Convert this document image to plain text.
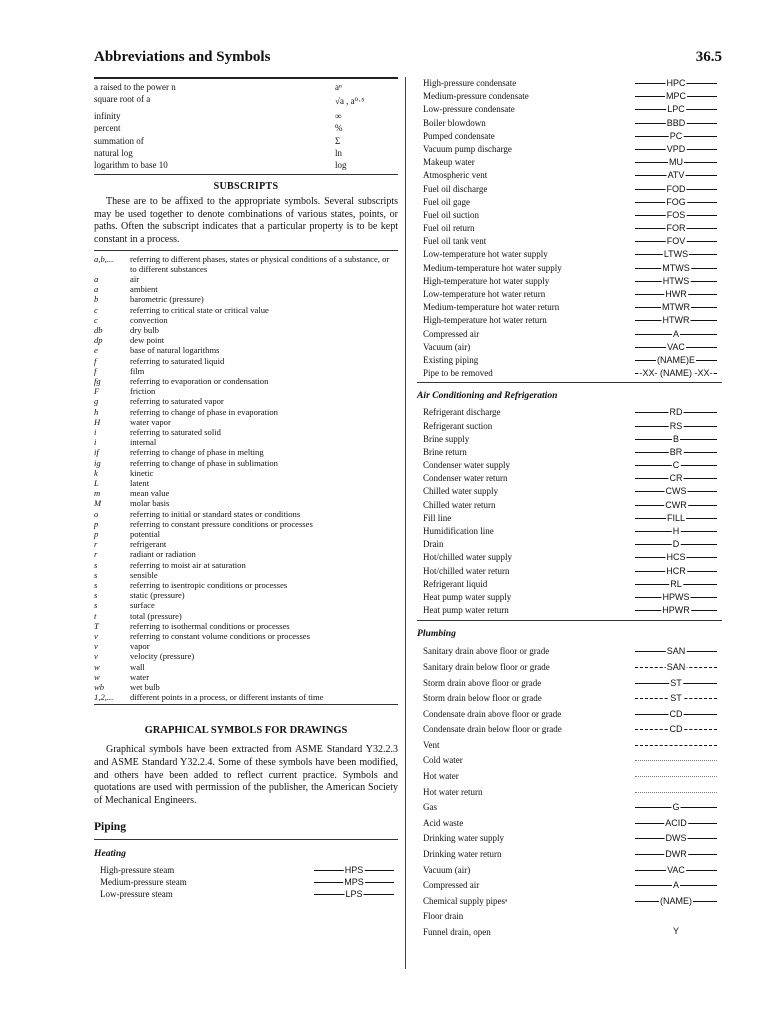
Abbreviations and Symbols	36.5
a raised to the power n	aⁿ
square root of a	√a , a⁰·⁵
infinity	∞
percent	%
summation of	Σ
natural log	ln
logarithm to base 10	log
SUBSCRIPTS

These are to be affixed to the appropriate symbols. Several subscripts may be used together to denote combinations of various states, points, or paths. Often the subscript indicates that a particular property is to be kept constant in a process.

a,b,...	referring to different phases, states or physical conditions of a substance, or to different substances
a	air
a	ambient
b	barometric (pressure)
c	referring to critical state or critical value
c	convection
db	dry bulb
dp	dew point
e	base of natural logarithms
f	referring to saturated liquid
f	film
fg	referring to evaporation or condensation
F	friction
g	referring to saturated vapor
h	referring to change of phase in evaporation
H	water vapor
i	referring to saturated solid
i	internal
if	referring to change of phase in melting
ig	referring to change of phase in sublimation
k	kinetic
L	latent
m	mean value
M	molar basis
o	referring to initial or standard states or conditions
p	referring to constant pressure conditions or processes
p	potential
r	refrigerant
r	radiant or radiation
s	referring to moist air at saturation
s	sensible
s	referring to isentropic conditions or processes
s	static (pressure)
s	surface
t	total (pressure)
T	referring to isothermal conditions or processes
v	referring to constant volume conditions or processes
v	vapor
v	velocity (pressure)
w	wall
w	water
wb	wet bulb
1,2,...	different points in a process, or different instants of time
GRAPHICAL SYMBOLS FOR DRAWINGS

Graphical symbols have been extracted from ASME Standard Y32.2.3 and ASME Standard Y32.2.4. Some of these symbols have been modified, and others have been added to reflect current practice. Symbols and quotations are used with permission of the publisher, the American Society of Mechanical Engineers.

Piping
Heating
High-pressure steam	HPS
Medium-pressure steam	MPS
Low-pressure steam	LPS
High-pressure condensate	HPC
Medium-pressure condensate	MPC
Low-pressure condensate	LPC
Boiler blowdown	BBD
Pumped condensate	PC
Vacuum pump discharge	VPD
Makeup water	MU
Atmospheric vent	ATV
Fuel oil discharge	FOD
Fuel oil gage	FOG
Fuel oil suction	FOS
Fuel oil return	FOR
Fuel oil tank vent	FOV
Low-temperature hot water supply	LTWS
Medium-temperature hot water supply	MTWS
High-temperature hot water supply	HTWS
Low-temperature hot water return	HWR
Medium-temperature hot water return	MTWR
High-temperature hot water return	HTWR
Compressed air	A
Vacuum (air)	VAC
Existing piping	(NAME)E
Pipe to be removed	-XX- (NAME) -XX-
Air Conditioning and Refrigeration
Refrigerant discharge	RD
Refrigerant suction	RS
Brine supply	B
Brine return	BR
Condenser water supply	C
Condenser water return	CR
Chilled water supply	CWS
Chilled water return	CWR
Fill line	FILL
Humidification line	H
Drain	D
Hot/chilled water supply	HCS
Hot/chilled water return	HCR
Refrigerant liquid	RL
Heat pump water supply	HPWS
Heat pump water return	HPWR
Plumbing
Sanitary drain above floor or grade	SAN
Sanitary drain below floor or grade	SAN
Storm drain above floor or grade	ST
Storm drain below floor or grade	ST
Condensate drain above floor or grade	CD
Condensate drain below floor or grade	CD
Vent
Cold water
Hot water
Hot water return
Gas	G
Acid waste	ACID
Drinking water supply	DWS
Drinking water return	DWR
Vacuum (air)	VAC
Compressed air	A
Chemical supply pipesᵃ	(NAME)
Floor drain
Funnel drain, open	Y
